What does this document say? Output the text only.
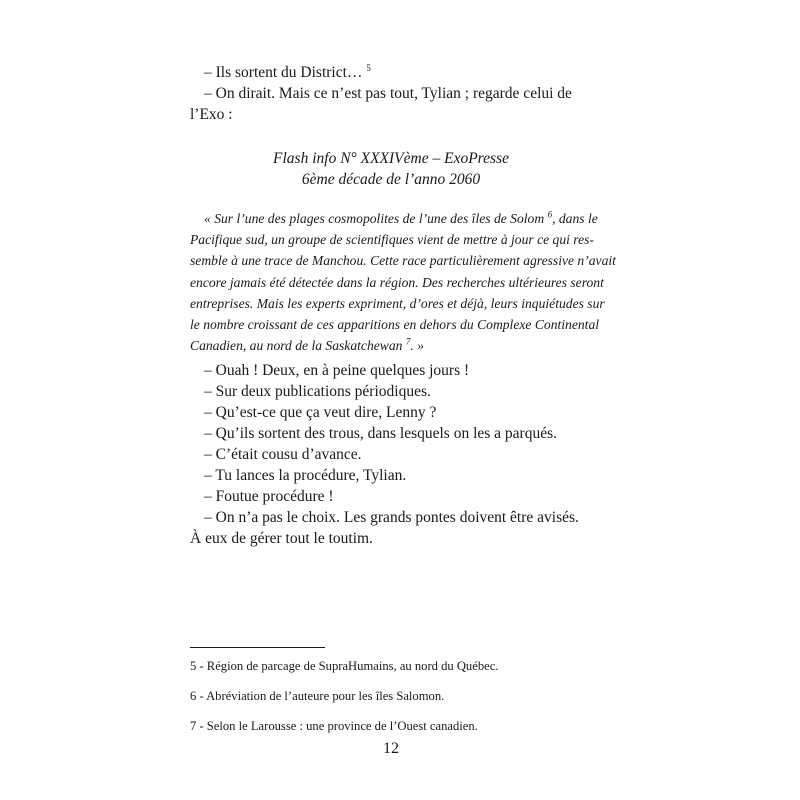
– Ils sortent du District… $^5$

– On dirait. Mais ce n’est pas tout, Tylian ; regarde celui de

l’Exo :

Flash info N° XXXIVème – ExoPresse
6ème décade de l’anno 2060

« Sur l’une des plages cosmopolites de l’une des îles de Solom $^6$, dans le

Pacifique sud, un groupe de scientifiques vient de mettre à jour ce qui res-

semble à une trace de Manchou. Cette race particulièrement agressive n’avait

encore jamais été détectée dans la région. Des recherches ultérieures seront

entreprises. Mais les experts expriment, d’ores et déjà, leurs inquiétudes sur

le nombre croissant de ces apparitions en dehors du Complexe Continental

Canadien, au nord de la Saskatchewan $^7$. »

– Ouah ! Deux, en à peine quelques jours !

– Sur deux publications périodiques.

– Qu’est-ce que ça veut dire, Lenny ?

– Qu’ils sortent des trous, dans lesquels on les a parqués.

– C’était cousu d’avance.

– Tu lances la procédure, Tylian.

– Foutue procédure !

– On n’a pas le choix. Les grands pontes doivent être avisés.

À eux de gérer tout le toutim.

5 - Région de parcage de SupraHumains, au nord du Québec.

6 - Abréviation de l’auteure pour les îles Salomon.

7 - Selon le Larousse : une province de l’Ouest canadien.

12
